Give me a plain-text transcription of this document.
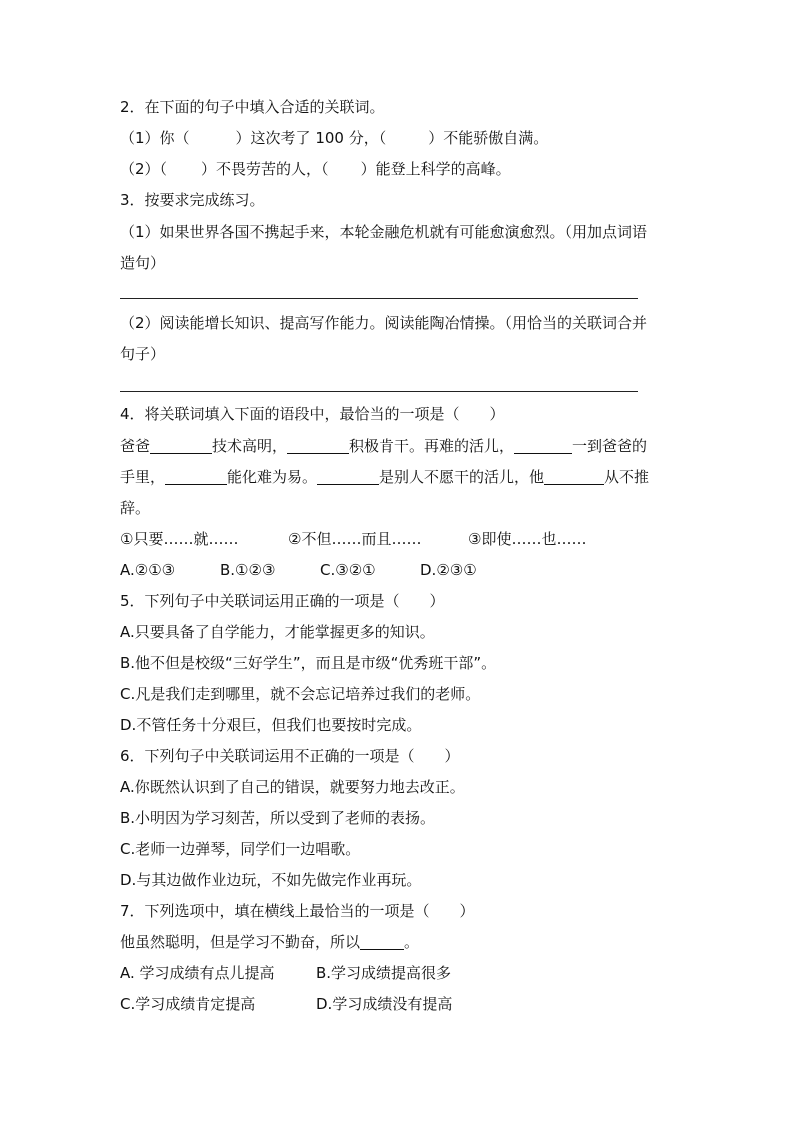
2．在下面的句子中填入合适的关联词。
（1）你（	）这次考了 100 分，（	）不能骄傲自满。
（2）（ ）不畏劳苦的人，（ ）能登上科学的高峰。
3．按要求完成练习。
（1）如果世界各国不携起手来，本轮金融危机就有可能愈演愈烈。（用加点词语
造句）
（2）阅读能增长知识、提高写作能力。阅读能陶冶情操。（用恰当的关联词合并
句子）
4．将关联词填入下面的语段中，最恰当的一项是（　　）
爸爸	技术高明，	积极肯干。再难的活儿，	一到爸爸的
手里，	能化难为易。	是别人不愿干的活儿，他	从不推
辞。
①只要……就……	②不但……而且……	③即使……也……
A.②①③	B.①②③	C.③②①	D.②③①
5．下列句子中关联词运用正确的一项是（　　）
A.只要具备了自学能力，才能掌握更多的知识。
B.他不但是校级“三好学生”，而且是市级“优秀班干部”。
C.凡是我们走到哪里，就不会忘记培养过我们的老师。
D.不管任务十分艰巨，但我们也要按时完成。
6．下列句子中关联词运用不正确的一项是（　　）
A.你既然认识到了自己的错误，就要努力地去改正。
B.小明因为学习刻苦，所以受到了老师的表扬。
C.老师一边弹琴，同学们一边唱歌。
D.与其边做作业边玩，不如先做完作业再玩。
7．下列选项中，填在横线上最恰当的一项是（　　）
他虽然聪明，但是学习不勤奋，所以	。
A. 学习成绩有点儿提高	B.学习成绩提高很多
C.学习成绩肯定提高	D.学习成绩没有提高
